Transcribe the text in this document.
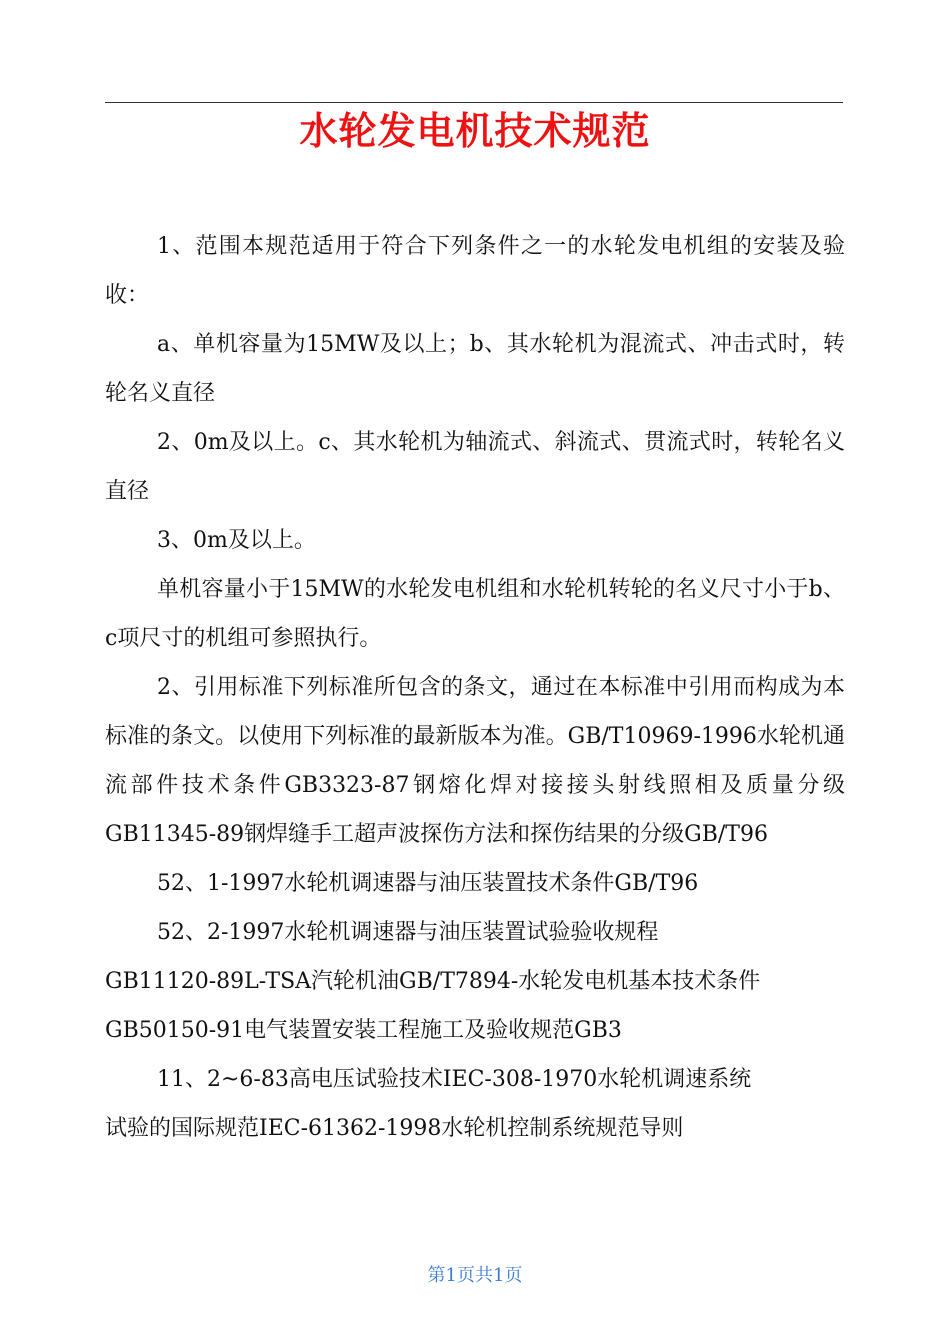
水轮发电机技术规范

1、范围本规范适用于符合下列条件之一的水轮发电机组的安装及验收：

a、单机容量为15MW及以上；b、其水轮机为混流式、冲击式时，转轮名义直径

2、0m及以上。c、其水轮机为轴流式、斜流式、贯流式时，转轮名义直径

3、0m及以上。

单机容量小于15MW的水轮发电机组和水轮机转轮的名义尺寸小于b、c项尺寸的机组可参照执行。

2、引用标准下列标准所包含的条文，通过在本标准中引用而构成为本标准的条文。以使用下列标准的最新版本为准。GB/T10969-1996水轮机通流部件技术条件GB3323-87钢熔化焊对接接头射线照相及质量分级GB11345-89钢焊缝手工超声波探伤方法和探伤结果的分级GB/T96

52、1-1997水轮机调速器与油压装置技术条件GB/T96

52、2-1997水轮机调速器与油压装置试验验收规程

GB11120-89L-TSA汽轮机油GB/T7894-水轮发电机基本技术条件

GB50150-91电气装置安装工程施工及验收规范GB3

11、2~6-83高电压试验技术IEC-308-1970水轮机调速系统

试验的国际规范IEC-61362-1998水轮机控制系统规范导则

第1页共1页
